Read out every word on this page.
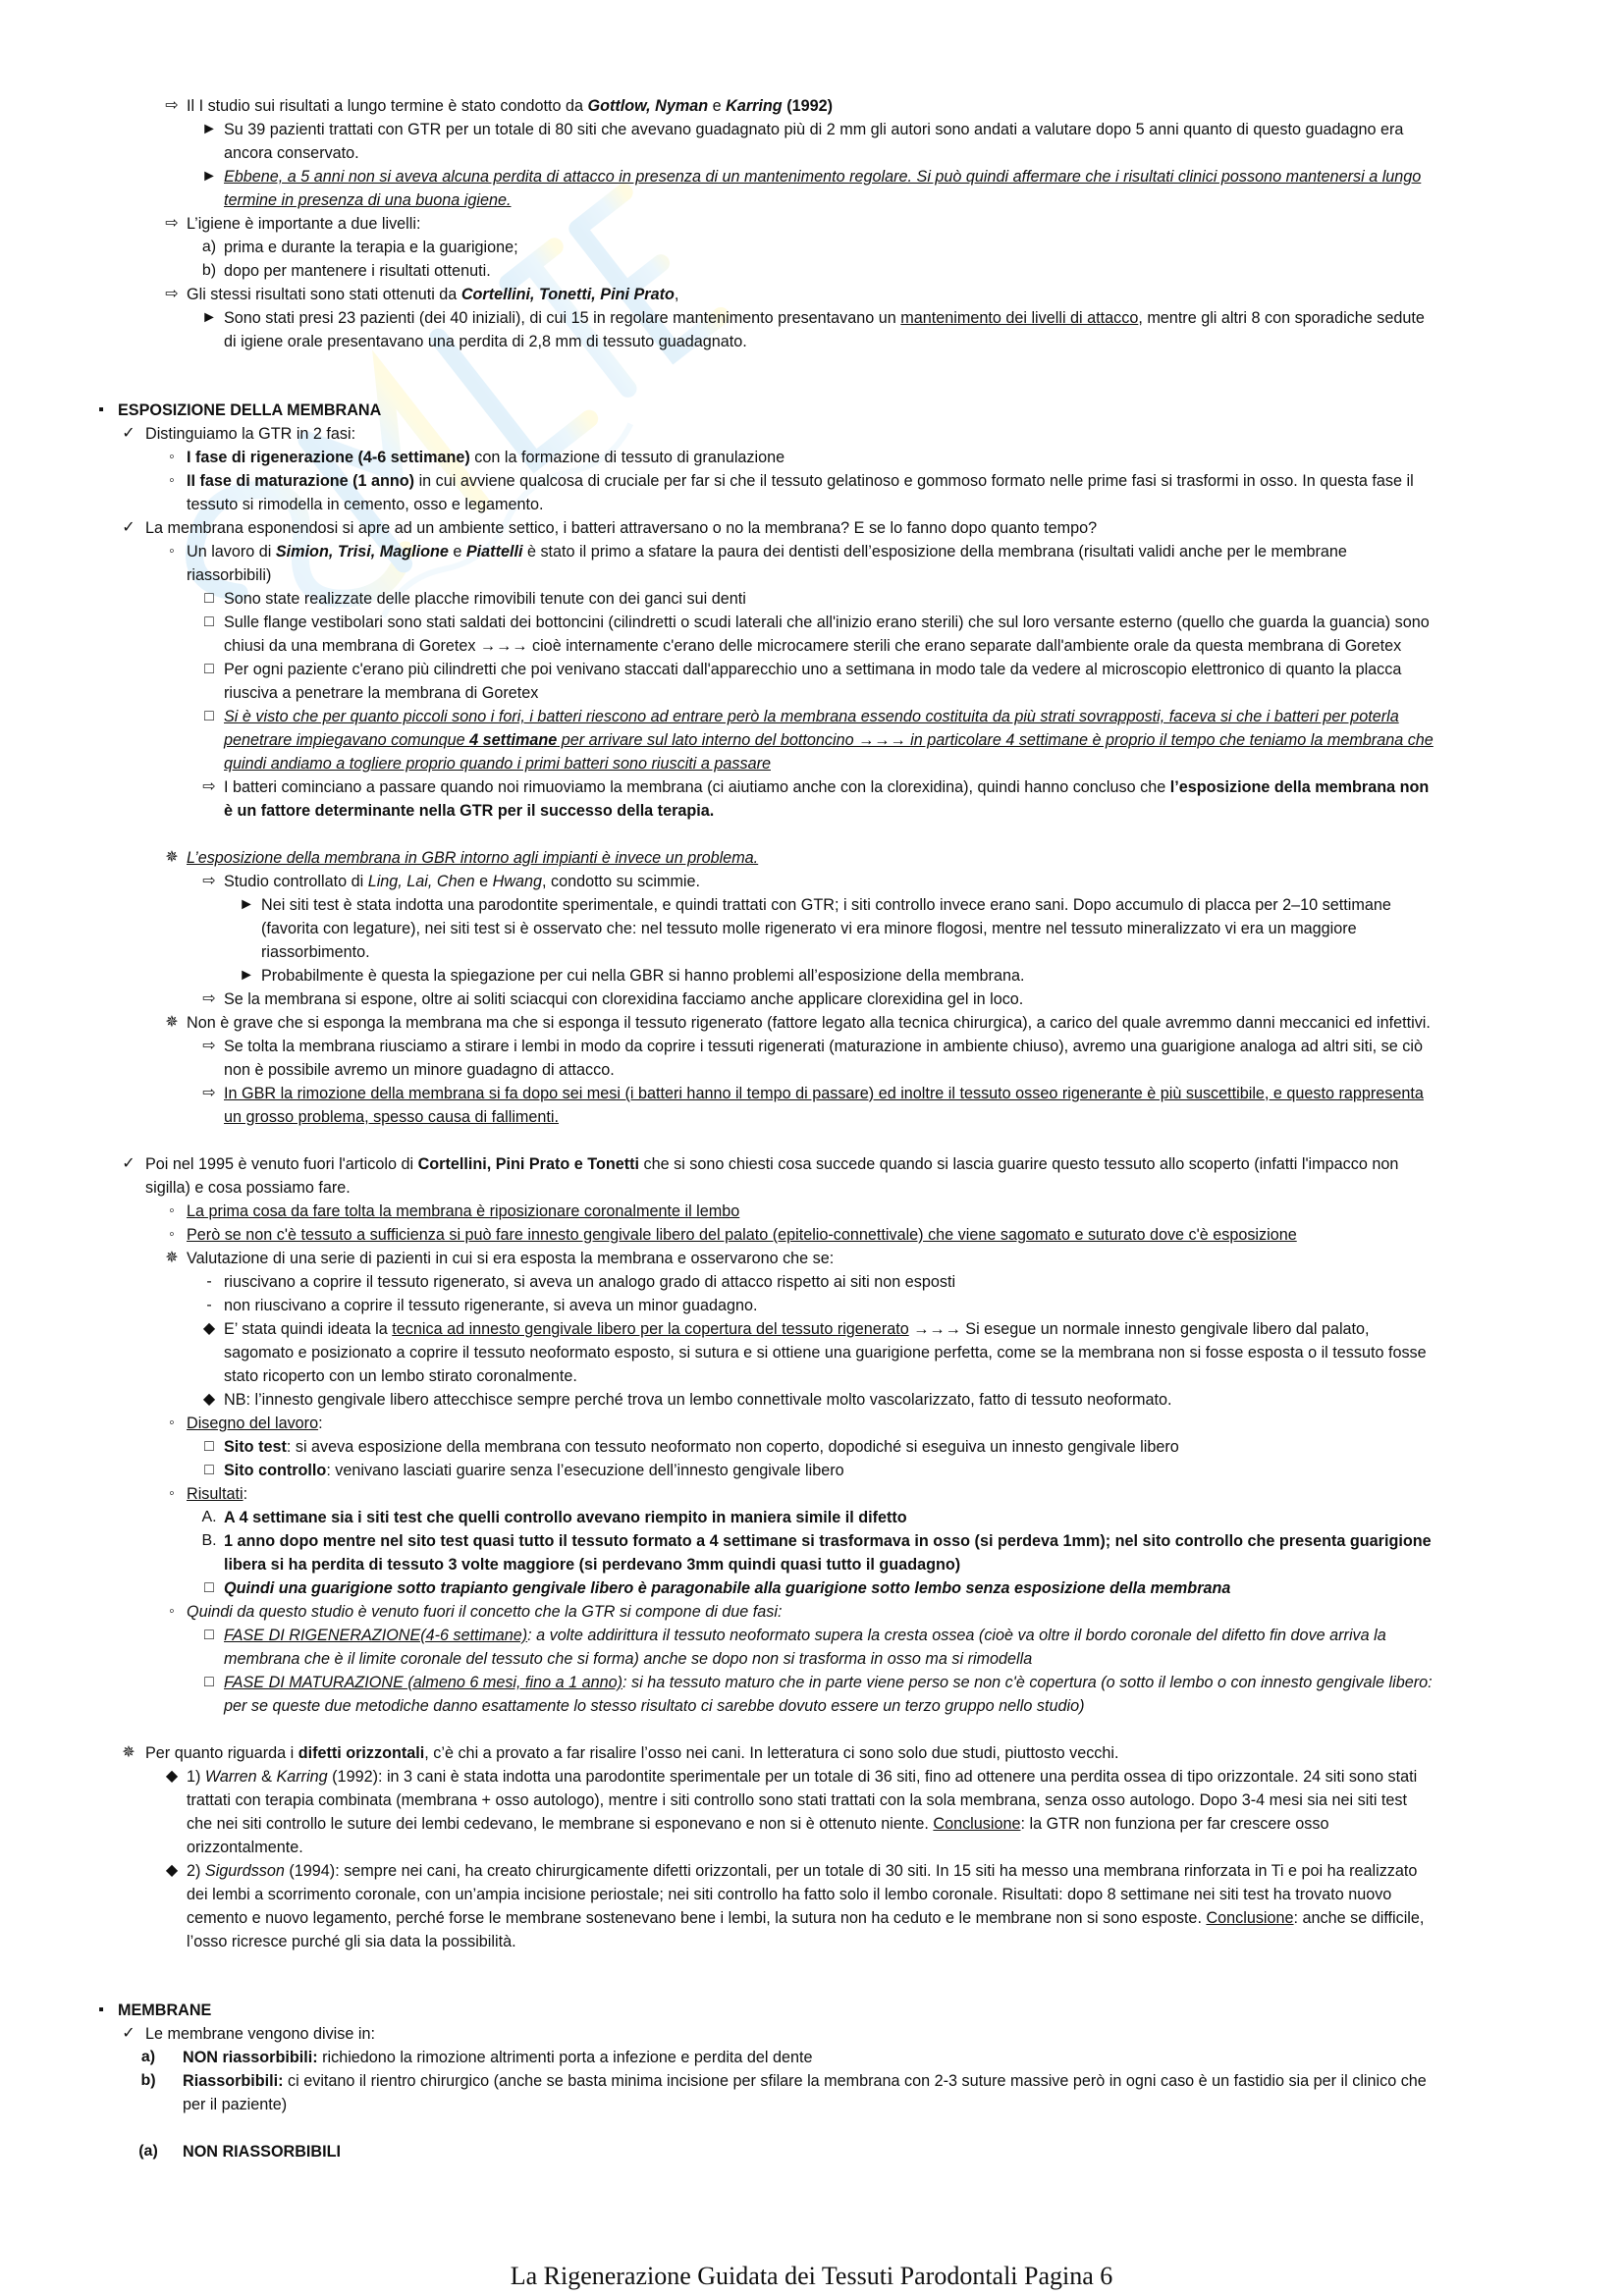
⇨ Il I studio sui risultati a lungo termine è stato condotto da Gottlow, Nyman e Karring (1992)
► Su 39 pazienti trattati con GTR per un totale di 80 siti che avevano guadagnato più di 2 mm gli autori sono andati a valutare dopo 5 anni quanto di questo guadagno era ancora conservato.
► Ebbene, a 5 anni non si aveva alcuna perdita di attacco in presenza di un mantenimento regolare. Si può quindi affermare che i risultati clinici possono mantenersi a lungo termine in presenza di una buona igiene.
⇨ L’igiene è importante a due livelli:
a) prima e durante la terapia e la guarigione;
b) dopo per mantenere i risultati ottenuti.
⇨ Gli stessi risultati sono stati ottenuti da Cortellini, Tonetti, Pini Prato,
► Sono stati presi 23 pazienti (dei 40 iniziali), di cui 15 in regolare mantenimento presentavano un mantenimento dei livelli di attacco, mentre gli altri 8 con sporadiche sedute di igiene orale presentavano una perdita di 2,8 mm di tessuto guadagnato.
▪ ESPOSIZIONE DELLA MEMBRANA
✓ Distinguiamo la GTR in 2 fasi:
◦ I fase di rigenerazione (4-6 settimane) con la formazione di tessuto di granulazione
◦ II fase di maturazione (1 anno) in cui avviene qualcosa di cruciale per far si che il tessuto gelatinoso e gommoso formato nelle prime fasi si trasformi in osso. In questa fase il tessuto si rimodella in cemento, osso e legamento.
✓ La membrana esponendosi si apre ad un ambiente settico, i batteri attraversano o no la membrana? E se lo fanno dopo quanto tempo?
◦ Un lavoro di Simion, Trisi, Maglione e Piattelli è stato il primo a sfatare la paura dei dentisti dell’esposizione della membrana (risultati validi anche per le membrane riassorbibili)
□ Sono state realizzate delle placche rimovibili tenute con dei ganci sui denti
□ Sulle flange vestibolari sono stati saldati dei bottoncini (cilindretti o scudi laterali che all'inizio erano sterili) che sul loro versante esterno (quello che guarda la guancia) sono chiusi da una membrana di Goretex →→→ cioè internamente c'erano delle microcamere sterili che erano separate dall'ambiente orale da questa membrana di Goretex
□ Per ogni paziente c'erano più cilindretti che poi venivano staccati dall'apparecchio uno a settimana in modo tale da vedere al microscopio elettronico di quanto la placca riusciva a penetrare la membrana di Goretex
□ Si è visto che per quanto piccoli sono i fori, i batteri riescono ad entrare però la membrana essendo costituita da più strati sovrapposti, faceva si che i batteri per poterla penetrare impiegavano comunque 4 settimane per arrivare sul lato interno del bottoncino →→→ in particolare 4 settimane è proprio il tempo che teniamo la membrana che quindi andiamo a togliere proprio quando i primi batteri sono riusciti a passare
⇨ I batteri cominciano a passare quando noi rimuoviamo la membrana (ci aiutiamo anche con la clorexidina), quindi hanno concluso che l’esposizione della membrana non è un fattore determinante nella GTR per il successo della terapia.
✵ L’esposizione della membrana in GBR intorno agli impianti è invece un problema.
⇨ Studio controllato di Ling, Lai, Chen e Hwang, condotto su scimmie.
► Nei siti test è stata indotta una parodontite sperimentale, e quindi trattati con GTR; i siti controllo invece erano sani. Dopo accumulo di placca per 2–10 settimane (favorita con legature), nei siti test si è osservato che: nel tessuto molle rigenerato vi era minore flogosi, mentre nel tessuto mineralizzato vi era un maggiore riassorbimento.
► Probabilmente è questa la spiegazione per cui nella GBR si hanno problemi all’esposizione della membrana.
⇨ Se la membrana si espone, oltre ai soliti sciacqui con clorexidina facciamo anche applicare clorexidina gel in loco.
✵ Non è grave che si esponga la membrana ma che si esponga il tessuto rigenerato (fattore legato alla tecnica chirurgica), a carico del quale avremmo danni meccanici ed infettivi.
⇨ Se tolta la membrana riusciamo a stirare i lembi in modo da coprire i tessuti rigenerati (maturazione in ambiente chiuso), avremo una guarigione analoga ad altri siti, se ciò non è possibile avremo un minore guadagno di attacco.
⇨ In GBR la rimozione della membrana si fa dopo sei mesi (i batteri hanno il tempo di passare) ed inoltre il tessuto osseo rigenerante è più suscettibile, e questo rappresenta un grosso problema, spesso causa di fallimenti.
✓ Poi nel 1995 è venuto fuori l'articolo di Cortellini, Pini Prato e Tonetti che si sono chiesti cosa succede quando si lascia guarire questo tessuto allo scoperto (infatti l'impacco non sigilla) e cosa possiamo fare.
◦ La prima cosa da fare tolta la membrana è riposizionare coronalmente il lembo
◦ Però se non c'è tessuto a sufficienza si può fare innesto gengivale libero del palato (epitelio-connettivale) che viene sagomato e suturato dove c'è esposizione
✵ Valutazione di una serie di pazienti in cui si era esposta la membrana e osservarono che se:
- riuscivano a coprire il tessuto rigenerato, si aveva un analogo grado di attacco rispetto ai siti non esposti
- non riuscivano a coprire il tessuto rigenerante, si aveva un minor guadagno.
◆ E’ stata quindi ideata la tecnica ad innesto gengivale libero per la copertura del tessuto rigenerato →→→ Si esegue un normale innesto gengivale libero dal palato, sagomato e posizionato a coprire il tessuto neoformato esposto, si sutura e si ottiene una guarigione perfetta, come se la membrana non si fosse esposta o il tessuto fosse stato ricoperto con un lembo stirato coronalmente.
◆ NB: l’innesto gengivale libero attecchisce sempre perché trova un lembo connettivale molto vascolarizzato, fatto di tessuto neoformato.
◦ Disegno del lavoro:
□ Sito test: si aveva esposizione della membrana con tessuto neoformato non coperto, dopodiché si eseguiva un innesto gengivale libero
□ Sito controllo: venivano lasciati guarire senza l’esecuzione dell’innesto gengivale libero
◦ Risultati:
A. A 4 settimane sia i siti test che quelli controllo avevano riempito in maniera simile il difetto
B. 1 anno dopo mentre nel sito test quasi tutto il tessuto formato a 4 settimane si trasformava in osso (si perdeva 1mm); nel sito controllo che presenta guarigione libera si ha perdita di tessuto 3 volte maggiore (si perdevano 3mm quindi quasi tutto il guadagno)
□ Quindi una guarigione sotto trapianto gengivale libero è paragonabile alla guarigione sotto lembo senza esposizione della membrana
◦ Quindi da questo studio è venuto fuori il concetto che la GTR si compone di due fasi:
□ FASE DI RIGENERAZIONE(4-6 settimane): a volte addirittura il tessuto neoformato supera la cresta ossea (cioè va oltre il bordo coronale del difetto fin dove arriva la membrana che è il limite coronale del tessuto che si forma) anche se dopo non si trasforma in osso ma si rimodella
□ FASE DI MATURAZIONE (almeno 6 mesi, fino a 1 anno): si ha tessuto maturo che in parte viene perso se non c'è copertura (o sotto il lembo o con innesto gengivale libero: per se queste due metodiche danno esattamente lo stesso risultato ci sarebbe dovuto essere un terzo gruppo nello studio)
✵ Per quanto riguarda i difetti orizzontali, c’è chi a provato a far risalire l’osso nei cani. In letteratura ci sono solo due studi, piuttosto vecchi.
◆ 1) Warren & Karring (1992): in 3 cani è stata indotta una parodontite sperimentale per un totale di 36 siti, fino ad ottenere una perdita ossea di tipo orizzontale. 24 siti sono stati trattati con terapia combinata (membrana + osso autologo), mentre i siti controllo sono stati trattati con la sola membrana, senza osso autologo. Dopo 3-4 mesi sia nei siti test che nei siti controllo le suture dei lembi cedevano, le membrane si esponevano e non si è ottenuto niente. Conclusione: la GTR non funziona per far crescere osso orizzontalmente.
◆ 2) Sigurdsson (1994): sempre nei cani, ha creato chirurgicamente difetti orizzontali, per un totale di 30 siti. In 15 siti ha messo una membrana rinforzata in Ti e poi ha realizzato dei lembi a scorrimento coronale, con un’ampia incisione periostale; nei siti controllo ha fatto solo il lembo coronale. Risultati: dopo 8 settimane nei siti test ha trovato nuovo cemento e nuovo legamento, perché forse le membrane sostenevano bene i lembi, la sutura non ha ceduto e le membrane non si sono esposte. Conclusione: anche se difficile, l’osso ricresce purché gli sia data la possibilità.
▪ MEMBRANE
✓ Le membrane vengono divise in:
a)	NON riassorbibili: richiedono la rimozione altrimenti porta a infezione e perdita del dente
b)	Riassorbibili: ci evitano il rientro chirurgico (anche se basta minima incisione per sfilare la membrana con 2-3 suture massive però in ogni caso è un fastidio sia per il clinico che per il paziente)
(a) NON RIASSORBIBILI
La Rigenerazione Guidata dei Tessuti Parodontali Pagina 6
